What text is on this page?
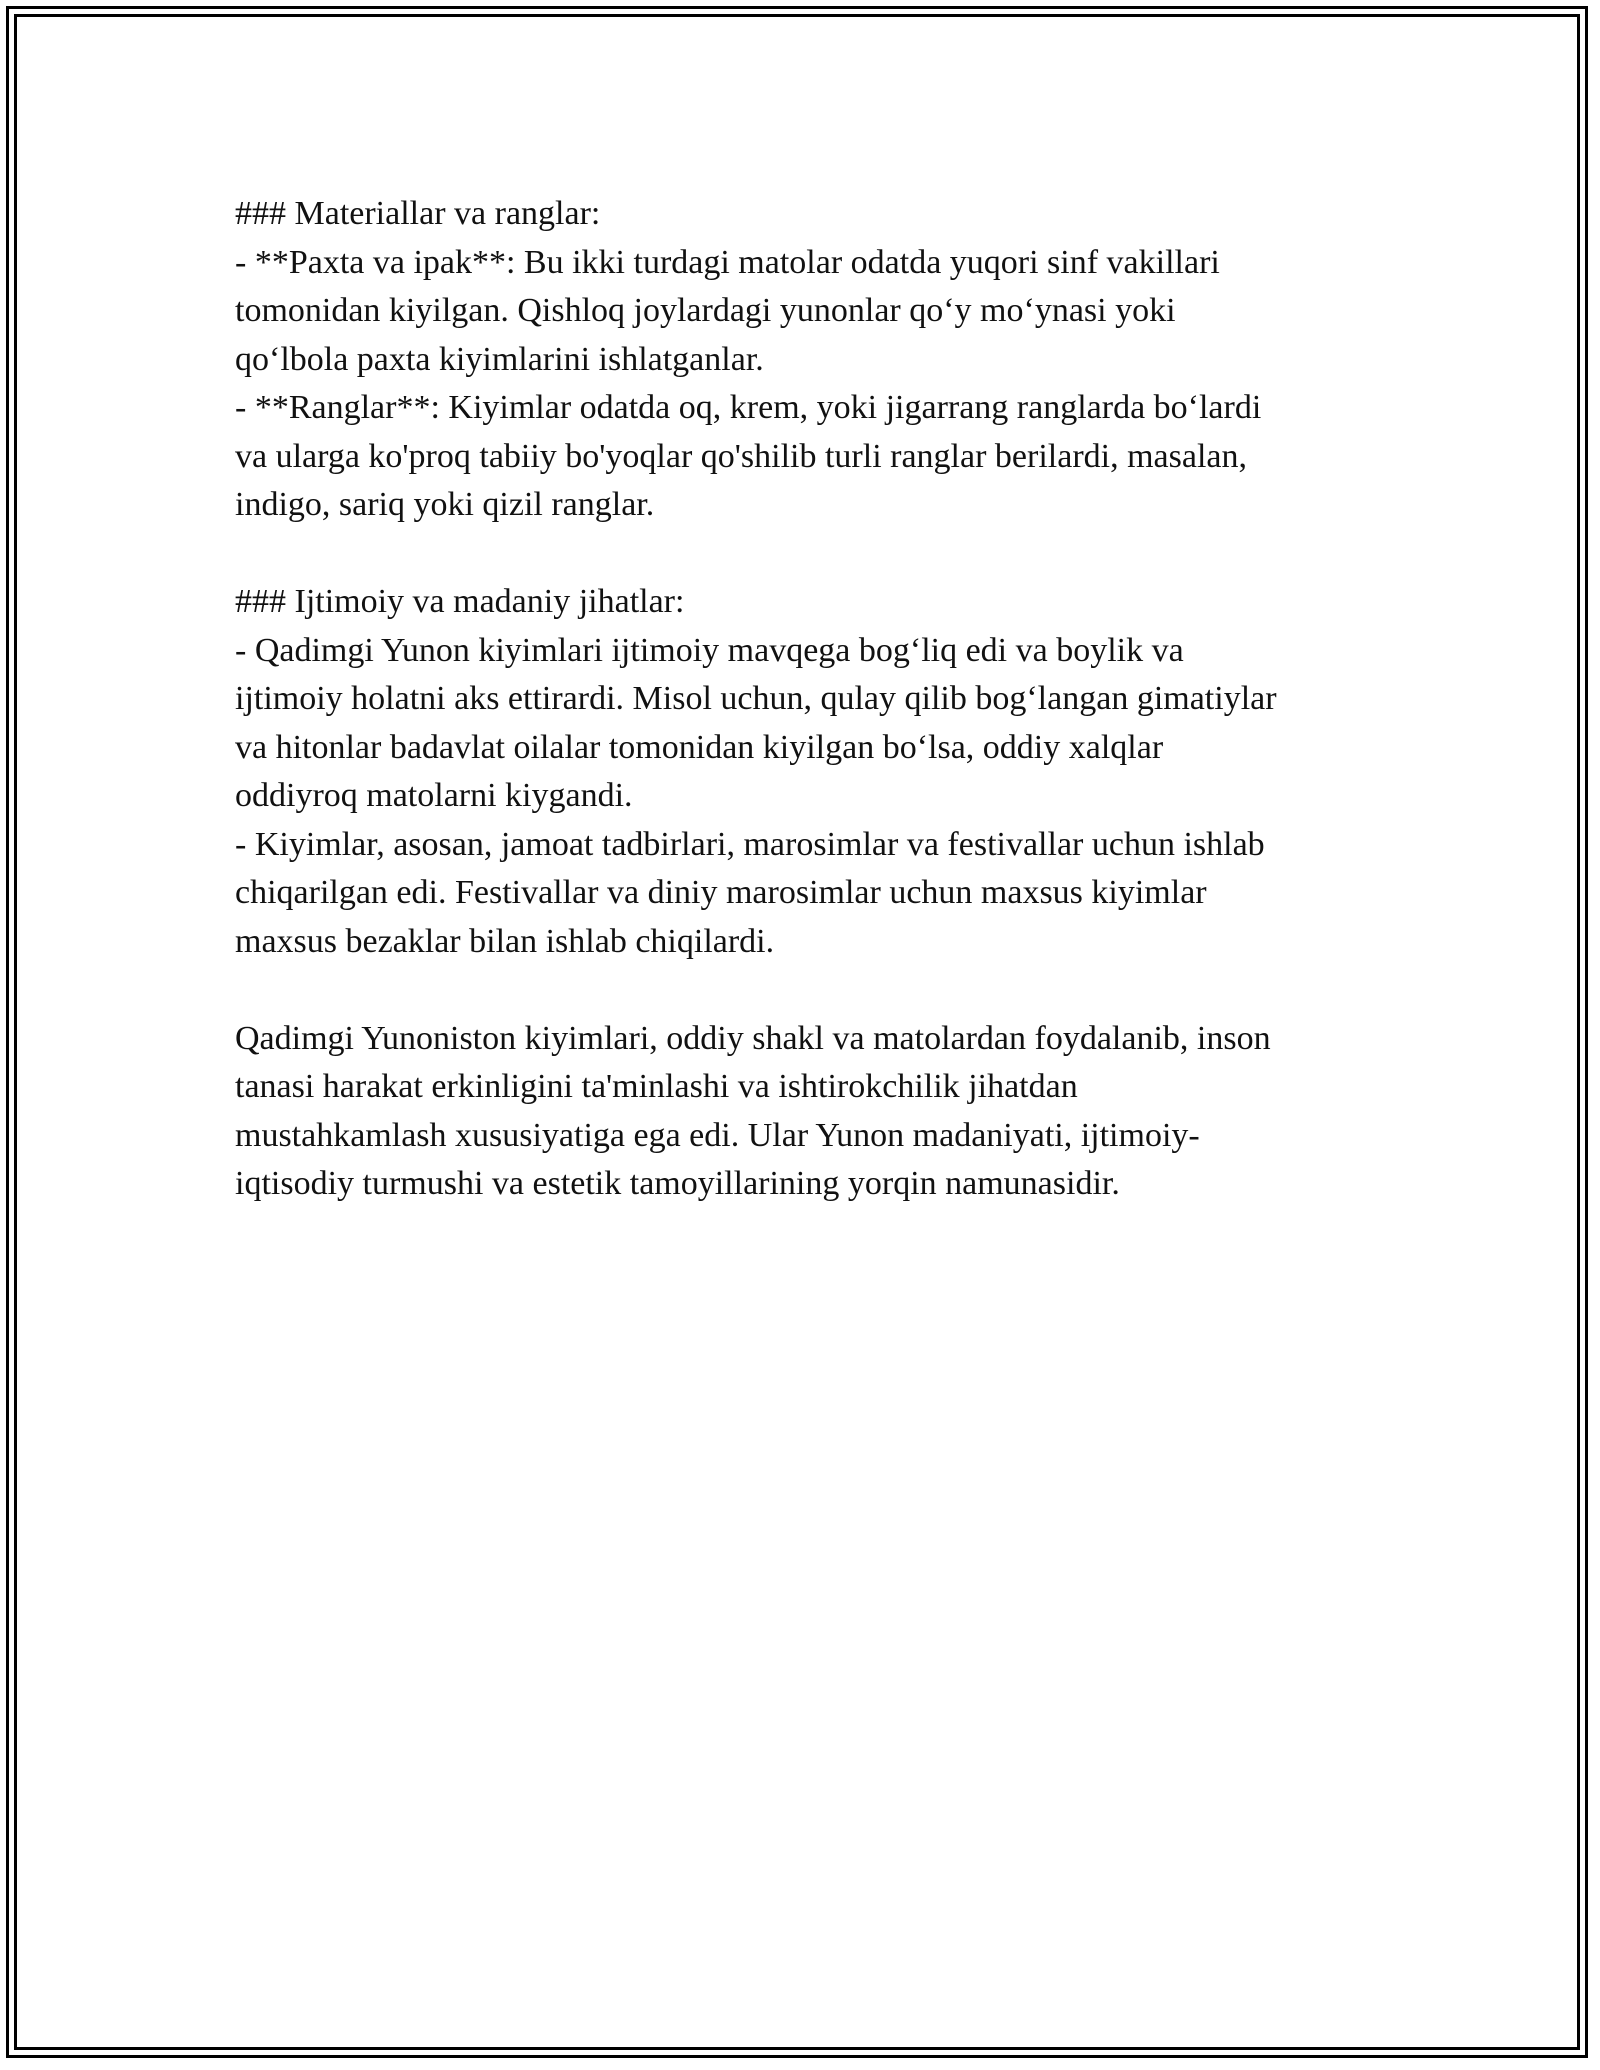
### Materiallar va ranglar:
- **Paxta va ipak**: Bu ikki turdagi matolar odatda yuqori sinf vakillari
tomonidan kiyilgan. Qishloq joylardagi yunonlar qo‘y mo‘ynasi yoki
qo‘lbola paxta kiyimlarini ishlatganlar.
- **Ranglar**: Kiyimlar odatda oq, krem, yoki jigarrang ranglarda bo‘lardi
va ularga ko'proq tabiiy bo'yoqlar qo'shilib turli ranglar berilardi, masalan,
indigo, sariq yoki qizil ranglar.
### Ijtimoiy va madaniy jihatlar:
- Qadimgi Yunon kiyimlari ijtimoiy mavqega bog‘liq edi va boylik va
ijtimoiy holatni aks ettirardi. Misol uchun, qulay qilib bog‘langan gimatiylar
va hitonlar badavlat oilalar tomonidan kiyilgan bo‘lsa, oddiy xalqlar
oddiyroq matolarni kiygandi.
- Kiyimlar, asosan, jamoat tadbirlari, marosimlar va festivallar uchun ishlab
chiqarilgan edi. Festivallar va diniy marosimlar uchun maxsus kiyimlar
maxsus bezaklar bilan ishlab chiqilardi.
Qadimgi Yunoniston kiyimlari, oddiy shakl va matolardan foydalanib, inson
tanasi harakat erkinligini ta'minlashi va ishtirokchilik jihatdan
mustahkamlash xususiyatiga ega edi. Ular Yunon madaniyati, ijtimoiy-
iqtisodiy turmushi va estetik tamoyillarining yorqin namunasidir.
